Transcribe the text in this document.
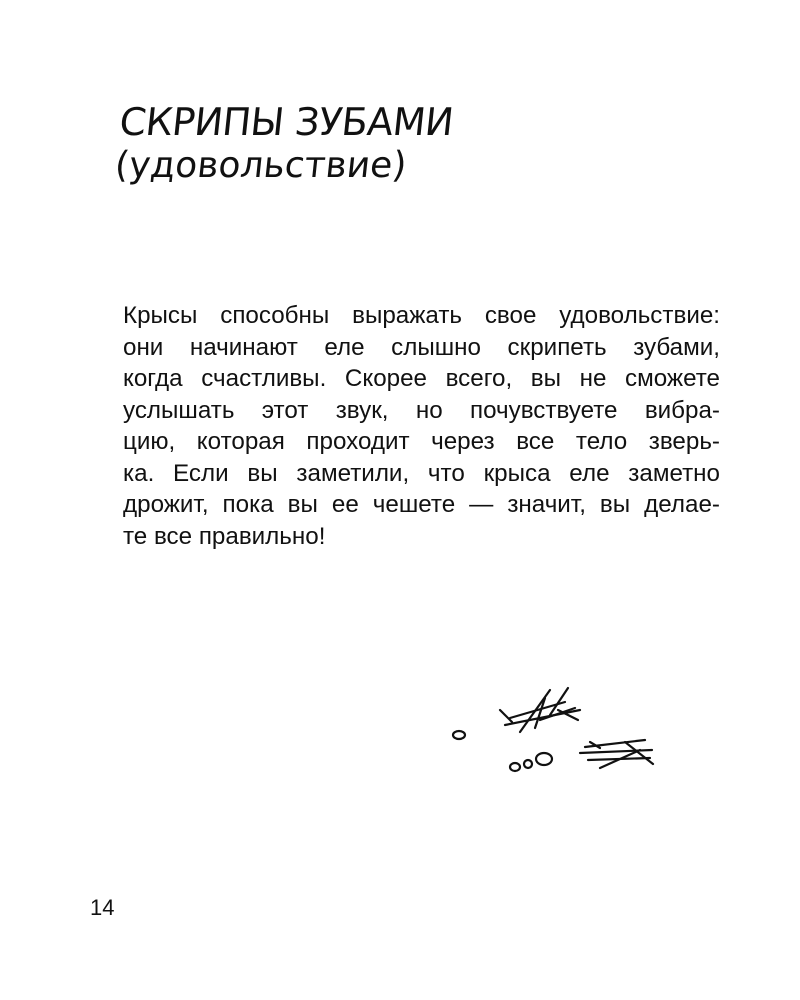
СКРИПЫ ЗУБАМИ
(удовольствие)
Крысы способны выражать свое удовольствие:
они начинают еле слышно скрипеть зубами,
когда счастливы. Скорее всего, вы не сможете
услышать этот звук, но почувствуете вибра-
цию, которая проходит через все тело зверь-
ка. Если вы заметили, что крыса еле заметно
дрожит, пока вы ее чешете — значит, вы делае-
те все правильно!
14
